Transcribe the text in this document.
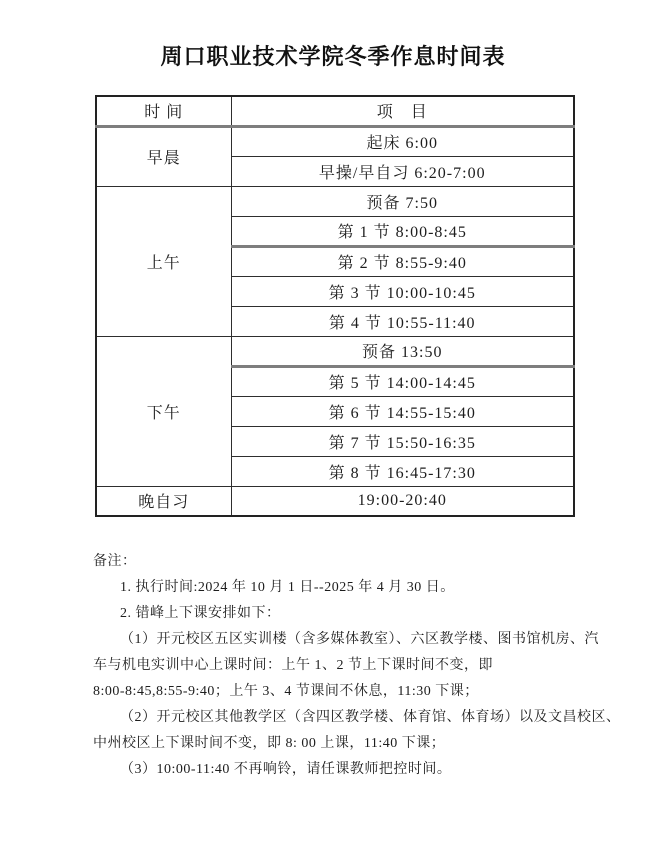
周口职业技术学院冬季作息时间表
时 间	项　目
早晨	起床 6:00
	早操/早自习 6:20-7:00
上午	预备 7:50
	第 1 节 8:00-8:45
	第 2 节 8:55-9:40
	第 3 节 10:00-10:45
	第 4 节 10:55-11:40
下午	预备 13:50
	第 5 节 14:00-14:45
	第 6 节 14:55-15:40
	第 7 节 15:50-16:35
	第 8 节 16:45-17:30
晚自习	19:00-20:40

备注：

1. 执行时间:2024 年 10 月 1 日--2025 年 4 月 30 日。

2. 错峰上下课安排如下：

（1）开元校区五区实训楼（含多媒体教室）、六区教学楼、图书馆机房、汽

车与机电实训中心上课时间：上午 1、2 节上下课时间不变，即

8:00-8:45,8:55-9:40；上午 3、4 节课间不休息，11:30 下课；

（2）开元校区其他教学区（含四区教学楼、体育馆、体育场）以及文昌校区、

中州校区上下课时间不变，即 8: 00 上课，11:40 下课；

（3）10:00-11:40 不再响铃，请任课教师把控时间。
